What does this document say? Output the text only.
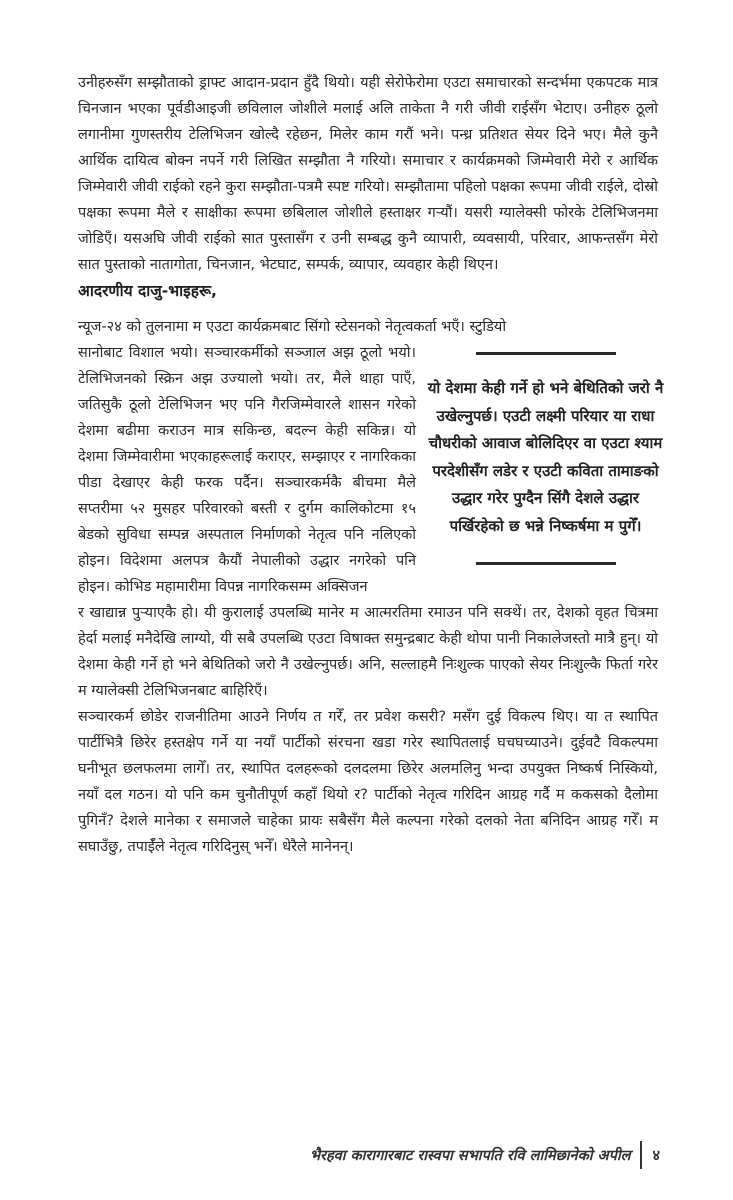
उनीहरुसँग सम्झौताको ड्राफ्ट आदान-प्रदान हुँदै थियो। यही सेरोफेरोमा एउटा समाचारको सन्दर्भमा एकपटक मात्र चिनजान भएका पूर्वडीआइजी छविलाल जोशीले मलाई अलि ताकेता नै गरी जीवी राईसँग भेटाए। उनीहरु ठूलो लगानीमा गुणस्तरीय टेलिभिजन खोल्दै रहेछन, मिलेर काम गरौं भने। पन्ध्र प्रतिशत सेयर दिने भए। मैले कुनै आर्थिक दायित्व बोक्न नपर्ने गरी लिखित सम्झौता नै गरियो। समाचार र कार्यक्रमको जिम्मेवारी मेरो र आर्थिक जिम्मेवारी जीवी राईको रहने कुरा सम्झौता-पत्रमै स्पष्ट गरियो। सम्झौतामा पहिलो पक्षका रूपमा जीवी राईले, दोस्रो पक्षका रूपमा मैले र साक्षीका रूपमा छबिलाल जोशीले हस्ताक्षर गऱ्यौं। यसरी ग्यालेक्सी फोरके टेलिभिजनमा जोडिएँ। यसअघि जीवी राईको सात पुस्तासँग र उनी सम्बद्ध कुनै व्यापारी, व्यवसायी, परिवार, आफन्तसँग मेरो सात पुस्ताको नातागोता, चिनजान, भेटघाट, सम्पर्क, व्यापार, व्यवहार केही थिएन।

आदरणीय दाजु-भाइहरू,

न्यूज-२४ को तुलनामा म एउटा कार्यक्रमबाट सिंगो स्टेसनको नेतृत्वकर्ता भएँ। स्टुडियो

सानोबाट विशाल भयो। सञ्चारकर्मीको सञ्जाल अझ ठूलो भयो। टेलिभिजनको स्क्रिन अझ उज्यालो भयो। तर, मैले थाहा पाएँ, जतिसुकै ठूलो टेलिभिजन भए पनि गैरजिम्मेवारले शासन गरेको देशमा बढीमा कराउन मात्र सकिन्छ, बदल्न केही सकिन्न। यो देशमा जिम्मेवारीमा भएकाहरूलाई कराएर, सम्झाएर र नागरिकका पीडा देखाएर केही फरक पर्दैन। सञ्चारकर्मकै बीचमा मैले सप्तरीमा ५२ मुसहर परिवारको बस्ती र दुर्गम कालिकोटमा १५ बेडको सुविधा सम्पन्न अस्पताल निर्माणको नेतृत्व पनि नलिएको होइन। विदेशमा अलपत्र कैयौं नेपालीको उद्धार नगरेको पनि होइन। कोभिड महामारीमा विपन्न नागरिकसम्म अक्सिजन

यो देशमा केही गर्ने हो भने बेथितिको जरो नै उखेल्नुपर्छ। एउटी लक्ष्मी परियार या राधा चौधरीको आवाज बोलिदिएर वा एउटा श्याम परदेशीसँग लडेर र एउटी कविता तामाङको उद्धार गरेर पुग्दैन सिंगै देशले उद्धार पर्खिरहेको छ भन्ने निष्कर्षमा म पुगेँ।

र खाद्यान्न पुऱ्याएकै हो। यी कुरालाई उपलब्धि मानेर म आत्मरतिमा रमाउन पनि सक्थें। तर, देशको वृहत चित्रमा हेर्दा मलाई मनैदेखि लाग्यो, यी सबै उपलब्धि एउटा विषाक्त समुन्द्रबाट केही थोपा पानी निकालेजस्तो मात्रै हुन्। यो देशमा केही गर्ने हो भने बेथितिको जरो नै उखेल्नुपर्छ। अनि, सल्लाहमै निःशुल्क पाएको सेयर निःशुल्कै फिर्ता गरेर म ग्यालेक्सी टेलिभिजनबाट बाहिरिएँ।

सञ्चारकर्म छोडेर राजनीतिमा आउने निर्णय त गरेँ, तर प्रवेश कसरी? मसँग दुई विकल्प थिए। या त स्थापित पार्टीभित्रै छिरेर हस्तक्षेप गर्ने या नयाँ पार्टीको संरचना खडा गरेर स्थापितलाई घचघच्याउने। दुईवटै विकल्पमा घनीभूत छलफलमा लागेँ। तर, स्थापित दलहरूको दलदलमा छिरेर अलमलिनु भन्दा उपयुक्त निष्कर्ष निस्कियो, नयाँ दल गठन। यो पनि कम चुनौतीपूर्ण कहाँ थियो र? पार्टीको नेतृत्व गरिदिन आग्रह गर्दै म ककसको दैलोमा पुगिनँ? देशले मानेका र समाजले चाहेका प्रायः सबैसँग मैले कल्पना गरेको दलको नेता बनिदिन आग्रह गरेँ। म सघाउँछु, तपाईँले नेतृत्व गरिदिनुस् भनेँ। धेरैले मानेनन्।

भैरहवा कारागारबाट रास्वपा सभापति रवि लामिछानेको अपील ४
